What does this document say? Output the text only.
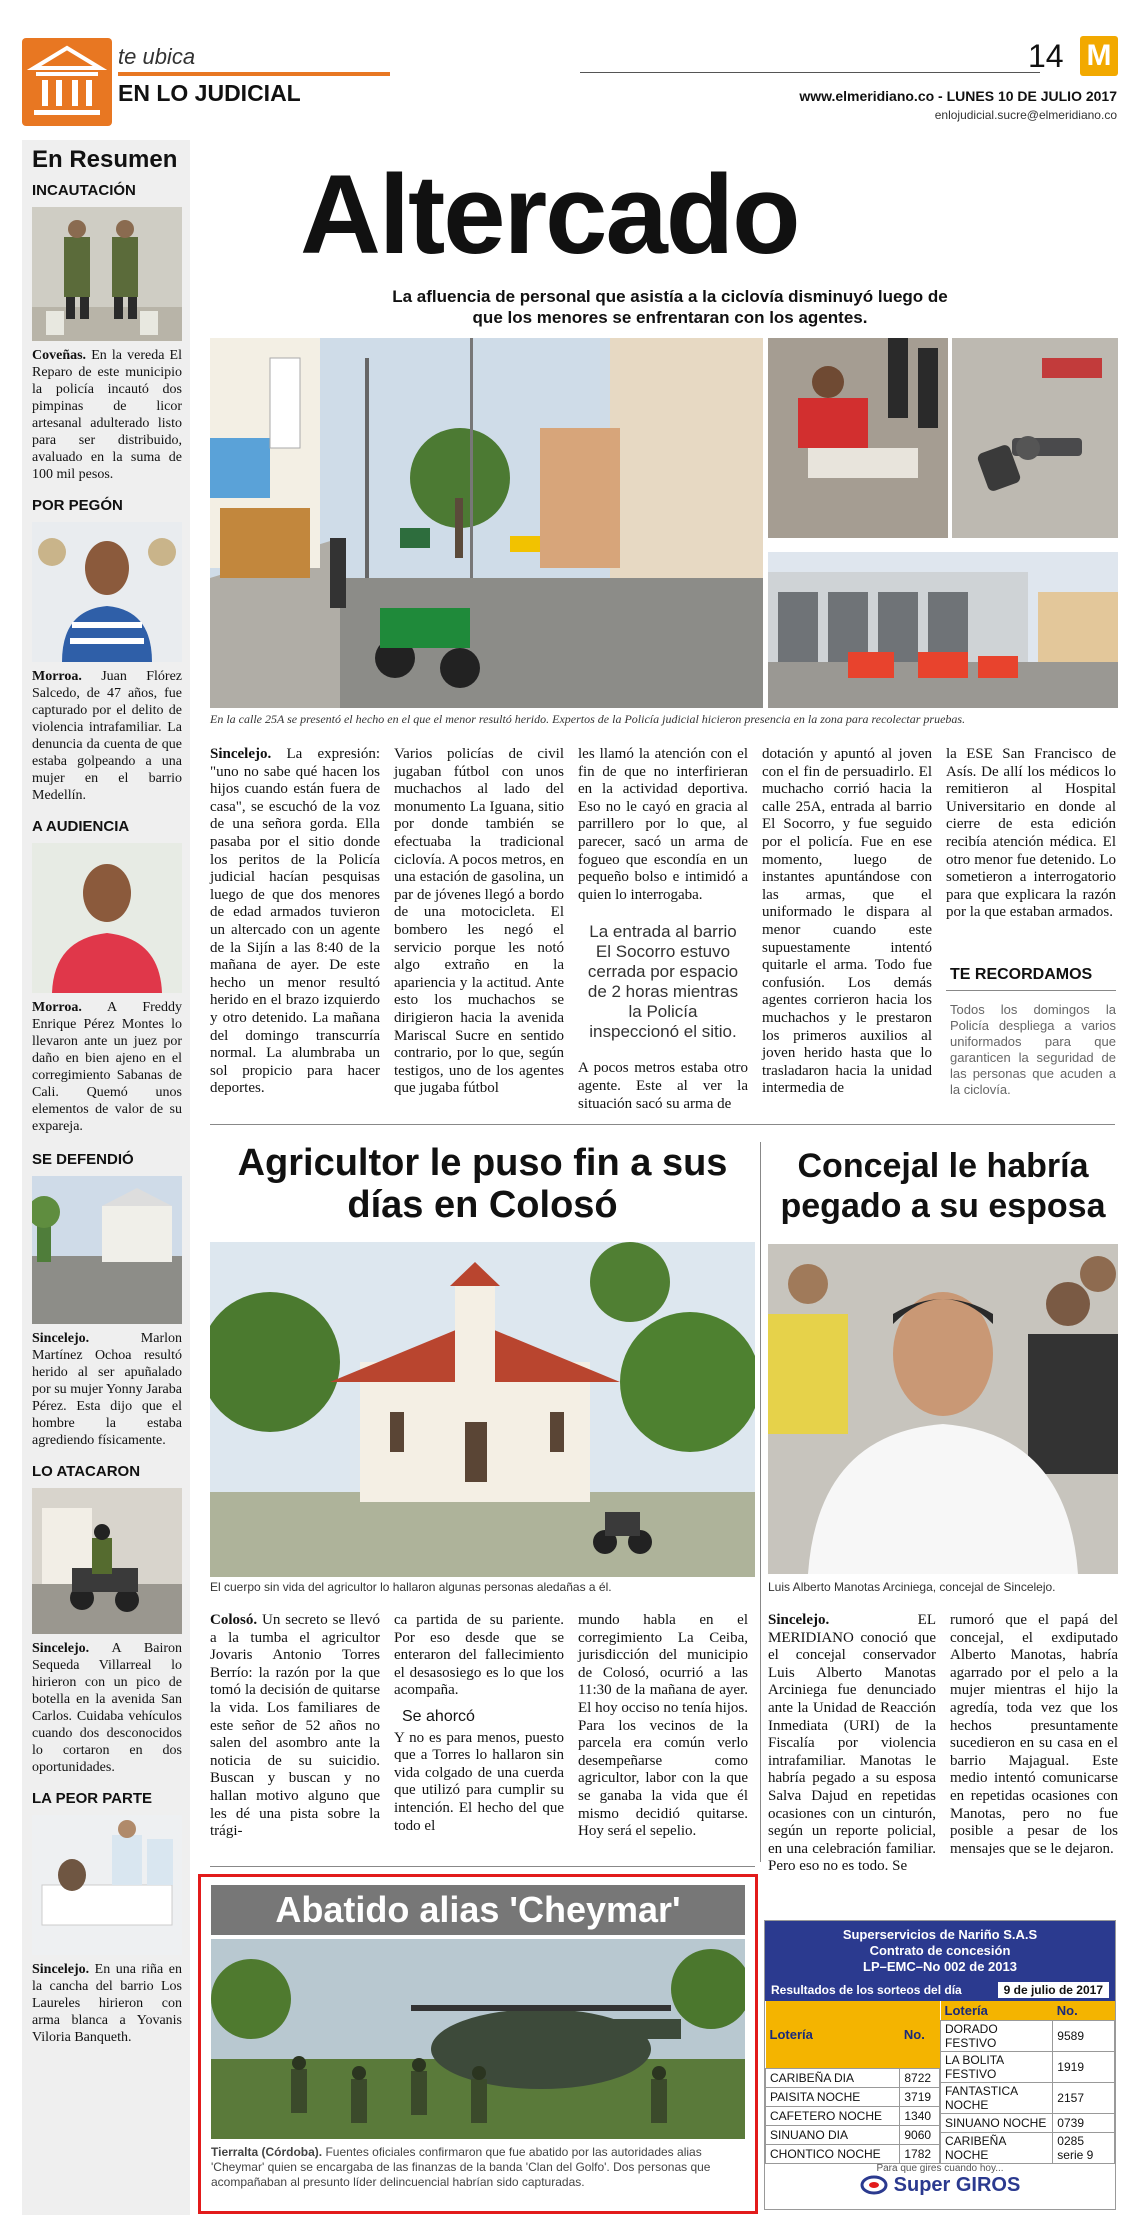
te ubica
EN LO JUDICIAL
14 M
www.elmeridiano.co - LUNES 10 DE JULIO 2017
enlojudicial.sucre@elmeridiano.co
En Resumen
INCAUTACIÓN
Coveñas. En la vereda El Reparo de este municipio la policía incautó dos pimpinas de licor artesanal adulterado listo para ser distribuido, avaluado en la suma de 100 mil pesos.
POR PEGÓN
Morroa. Juan Flórez Salcedo, de 47 años, fue capturado por el delito de violencia intrafamiliar. La denuncia da cuenta de que estaba golpeando a una mujer en el barrio Medellín.
A AUDIENCIA
Morroa. A Freddy Enrique Pérez Montes lo llevaron ante un juez por daño en bien ajeno en el corregimiento Sabanas de Cali. Quemó unos elementos de valor de su expareja.
SE DEFENDIÓ
Sincelejo. Marlon Martínez Ochoa resultó herido al ser apuñalado por su mujer Yonny Jaraba Pérez. Esta dijo que el hombre la estaba agrediendo físicamente.
LO ATACARON
Sincelejo. A Bairon Sequeda Villarreal lo hirieron con un pico de botella en la avenida San Carlos. Cuidaba vehículos cuando dos desconocidos lo cortaron en dos oportunidades.
LA PEOR PARTE
Sincelejo. En una riña en la cancha del barrio Los Laureles hirieron con arma blanca a Yovanis Viloria Banqueth.
Altercado
La afluencia de personal que asistía a la ciclovía disminuyó luego de que los menores se enfrentaran con los agentes.
En la calle 25A se presentó el hecho en el que el menor resultó herido. Expertos de la Policía judicial hicieron presencia en la zona para recolectar pruebas.
Sincelejo. La expresión: "uno no sabe qué hacen los hijos cuando están fuera de casa", se escuchó de la voz de una señora gorda. Ella pasaba por el sitio donde los peritos de la Policía judicial hacían pesquisas luego de que dos menores de edad armados tuvieron un altercado con un agente de la Sijín a las 8:40 de la mañana de ayer. De este hecho un menor resultó herido en el brazo izquierdo y otro detenido. La mañana del domingo transcurría normal. La alumbraba un sol propicio para hacer deportes.
Varios policías de civil jugaban fútbol con unos muchachos al lado del monumento La Iguana, sitio por donde también se efectuaba la tradicional ciclovía. A pocos metros, en una estación de gasolina, un par de jóvenes llegó a bordo de una motocicleta. El bombero les negó el servicio porque les notó algo extraño en la apariencia y la actitud. Ante esto los muchachos se dirigieron hacia la avenida Mariscal Sucre en sentido contrario, por lo que, según testigos, uno de los agentes que jugaba fútbol
les llamó la atención con el fin de que no interfirieran en la actividad deportiva. Eso no le cayó en gracia al parrillero por lo que, al parecer, sacó un arma de fogueo que escondía en un pequeño bolso e intimidó a quien lo interrogaba.
La entrada al barrio El Socorro estuvo cerrada por espacio de 2 horas mientras la Policía inspeccionó el sitio.
A pocos metros estaba otro agente. Este al ver la situación sacó su arma de
dotación y apuntó al joven con el fin de persuadirlo. El muchacho corrió hacia la calle 25A, entrada al barrio El Socorro, y fue seguido por el policía. Fue en ese momento, luego de instantes apuntándose con las armas, que el uniformado le dispara al menor cuando este supuestamente intentó quitarle el arma. Todo fue confusión. Los demás agentes corrieron hacia los muchachos y le prestaron los primeros auxilios al joven herido hasta que lo trasladaron hacia la unidad intermedia de
la ESE San Francisco de Asís. De allí los médicos lo remitieron al Hospital Universitario en donde al cierre de esta edición recibía atención médica. El otro menor fue detenido. Lo sometieron a interrogatorio para que explicara la razón por la que estaban armados.
TE RECORDAMOS
Todos los domingos la Policía despliega a varios uniformados para que garanticen la seguridad de las personas que acuden a la ciclovía.
Agricultor le puso fin a sus días en Colosó
El cuerpo sin vida del agricultor lo hallaron algunas personas aledañas a él.
Colosó. Un secreto se llevó a la tumba el agricultor Jovaris Antonio Torres Berrío: la razón por la que tomó la decisión de quitarse la vida. Los familiares de este señor de 52 años no salen del asombro ante la noticia de su suicidio. Buscan y buscan y no hallan motivo alguno que les dé una pista sobre la trági-
ca partida de su pariente. Por eso desde que se enteraron del fallecimiento el desasosiego es lo que los acompaña.
Se ahorcó
Y no es para menos, puesto que a Torres lo hallaron sin vida colgado de una cuerda que utilizó para cumplir su intención. El hecho del que todo el
mundo habla en el corregimiento La Ceiba, jurisdicción del municipio de Colosó, ocurrió a las 11:30 de la mañana de ayer. El hoy occiso no tenía hijos. Para los vecinos de la parcela era común verlo desempeñarse como agricultor, labor con la que se ganaba la vida que él mismo decidió quitarse. Hoy será el sepelio.
Concejal le habría pegado a su esposa
Luis Alberto Manotas Arciniega, concejal de Sincelejo.
Sincelejo. EL MERIDIANO conoció que el concejal conservador Luis Alberto Manotas Arciniega fue denunciado ante la Unidad de Reacción Inmediata (URI) de la Fiscalía por violencia intrafamiliar. Manotas le habría pegado a su esposa Salva Dajud en repetidas ocasiones con un cinturón, según un reporte policial, en una celebración familiar. Pero eso no es todo. Se
rumoró que el papá del concejal, el exdiputado Alberto Manotas, habría agarrado por el pelo a la mujer mientras el hijo la agredía, toda vez que los hechos presuntamente sucedieron en su casa en el barrio Majagual. Este medio intentó comunicarse en repetidas ocasiones con Manotas, pero no fue posible a pesar de los mensajes que se le dejaron.
Abatido alias 'Cheymar'
Tierralta (Córdoba). Fuentes oficiales confirmaron que fue abatido por las autoridades alias 'Cheymar' quien se encargaba de las finanzas de la banda 'Clan del Golfo'. Dos personas que acompañaban al presunto líder delincuencial habrían sido capturadas.
Superservicios de Nariño S.A.S
Contrato de concesión
LP–EMC–No 002 de 2013
Resultados de los sorteos del día	9 de julio de 2017
Lotería	No.
CARIBEÑA DIA	8722
PAISITA NOCHE	3719
CAFETERO NOCHE	1340
SINUANO DIA	9060
CHONTICO NOCHE	1782
Lotería	No.
DORADO FESTIVO	9589
LA BOLITA FESTIVO	1919
FANTASTICA NOCHE	2157
SINUANO NOCHE	0739
CARIBEÑA NOCHE	0285 serie 9
Para que gires cuando hoy...
Super GIROS
